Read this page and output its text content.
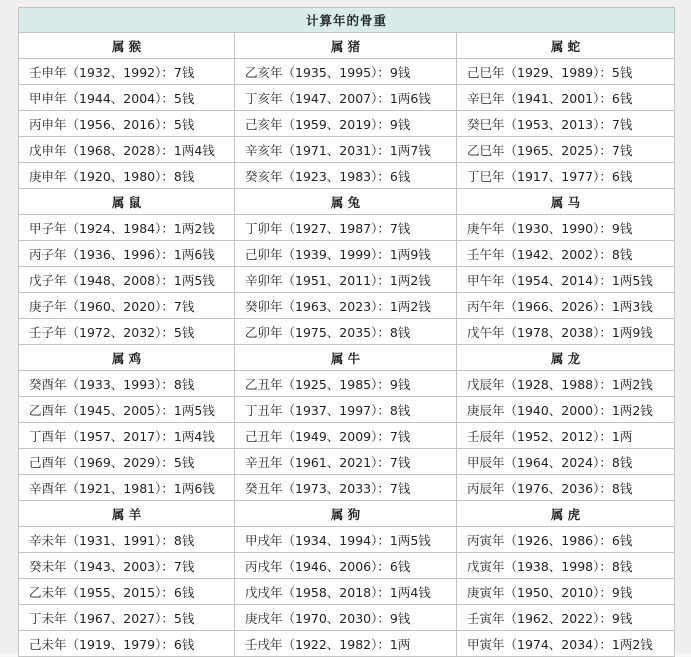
计算年的骨重		
属 猴	属 猪	属 蛇
壬申年（1932、1992）：7钱	乙亥年（1935、1995）：9钱	己巳年（1929、1989）：5钱
甲申年（1944、2004）：5钱	丁亥年（1947、2007）：1两6钱	辛巳年（1941、2001）：6钱
丙申年（1956、2016）：5钱	己亥年（1959、2019）：9钱	癸巳年（1953、2013）：7钱
戊申年（1968、2028）：1两4钱	辛亥年（1971、2031）：1两7钱	乙巳年（1965、2025）：7钱
庚申年（1920、1980）：8钱	癸亥年（1923、1983）：6钱	丁巳年（1917、1977）：6钱
属 鼠	属 兔	属 马
甲子年（1924、1984）：1两2钱	丁卯年（1927、1987）：7钱	庚午年（1930、1990）：9钱
丙子年（1936、1996）：1两6钱	己卯年（1939、1999）：1两9钱	壬午年（1942、2002）：8钱
戊子年（1948、2008）：1两5钱	辛卯年（1951、2011）：1两2钱	甲午年（1954、2014）：1两5钱
庚子年（1960、2020）：7钱	癸卯年（1963、2023）：1两2钱	丙午年（1966、2026）：1两3钱
壬子年（1972、2032）：5钱	乙卯年（1975、2035）：8钱	戊午年（1978、2038）：1两9钱
属 鸡	属 牛	属 龙
癸酉年（1933、1993）：8钱	乙丑年（1925、1985）：9钱	戊辰年（1928、1988）：1两2钱
乙酉年（1945、2005）：1两5钱	丁丑年（1937、1997）：8钱	庚辰年（1940、2000）：1两2钱
丁酉年（1957、2017）：1两4钱	己丑年（1949、2009）：7钱	壬辰年（1952、2012）：1两
己酉年（1969、2029）：5钱	辛丑年（1961、2021）：7钱	甲辰年（1964、2024）：8钱
辛酉年（1921、1981）：1两6钱	癸丑年（1973、2033）：7钱	丙辰年（1976、2036）：8钱
属 羊	属 狗	属 虎
辛未年（1931、1991）：8钱	甲戌年（1934、1994）：1两5钱	丙寅年（1926、1986）：6钱
癸未年（1943、2003）：7钱	丙戌年（1946、2006）：6钱	戊寅年（1938、1998）：8钱
乙未年（1955、2015）：6钱	戊戌年（1958、2018）：1两4钱	庚寅年（1950、2010）：9钱
丁未年（1967、2027）：5钱	庚戌年（1970、2030）：9钱	壬寅年（1962、2022）：9钱
己未年（1919、1979）：6钱	壬戌年（1922、1982）：1两	甲寅年（1974、2034）：1两2钱
